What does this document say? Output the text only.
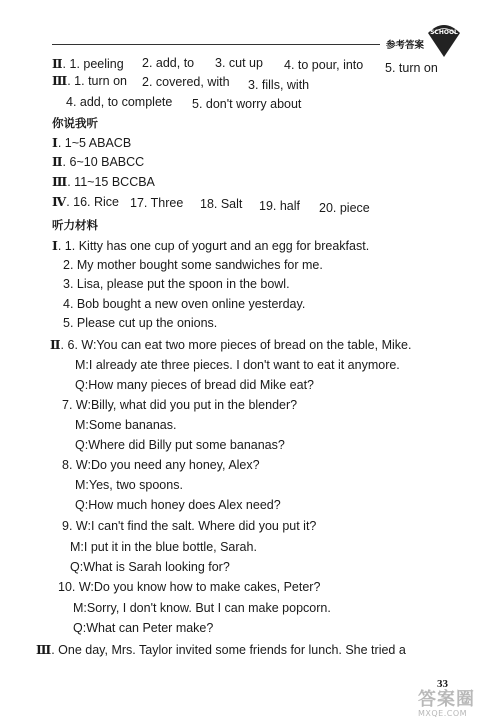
参考答案
SCHOOL
Ⅱ. 1. peeling 2. add, to 3. cut up 4. to pour, into 5. turn on
Ⅲ. 1. turn on 2. covered, with 3. fills, with
4. add, to complete 5. don't worry about
你说我听
Ⅰ. 1~5 ABACB
Ⅱ. 6~10 BABCC
Ⅲ. 11~15 BCCBA
Ⅳ. 16. Rice 17. Three 18. Salt 19. half 20. piece
听力材料
Ⅰ. 1. Kitty has one cup of yogurt and an egg for breakfast.
2. My mother bought some sandwiches for me.
3. Lisa, please put the spoon in the bowl.
4. Bob bought a new oven online yesterday.
5. Please cut up the onions.
Ⅱ. 6. W:You can eat two more pieces of bread on the table, Mike.
M:I already ate three pieces. I don't want to eat it anymore.
Q:How many pieces of bread did Mike eat?
7. W:Billy, what did you put in the blender?
M:Some bananas.
Q:Where did Billy put some bananas?
8. W:Do you need any honey, Alex?
M:Yes, two spoons.
Q:How much honey does Alex need?
9. W:I can't find the salt. Where did you put it?
M:I put it in the blue bottle, Sarah.
Q:What is Sarah looking for?
10. W:Do you know how to make cakes, Peter?
M:Sorry, I don't know. But I can make popcorn.
Q:What can Peter make?
Ⅲ. One day, Mrs. Taylor invited some friends for lunch. She tried a
33
答案圈
MXQE.COM
